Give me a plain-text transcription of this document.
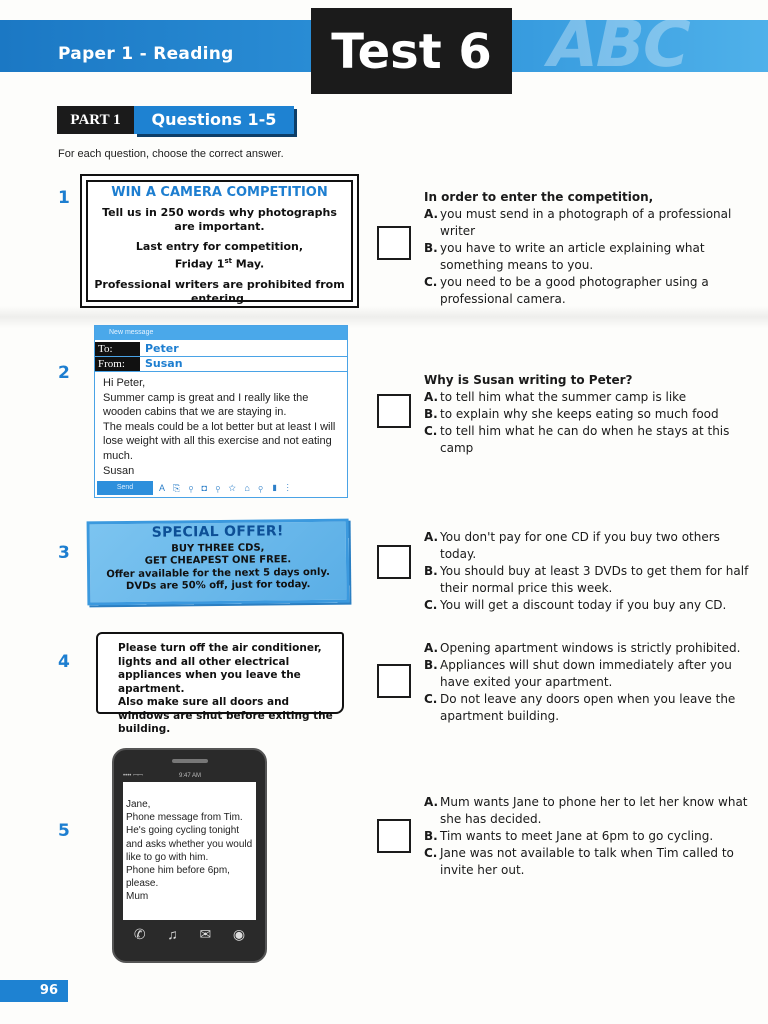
ABC
Paper 1 - Reading	Test 6
PART 1	Questions 1-5
For each question, choose the correct answer.
1	WIN A CAMERA COMPETITION
Tell us in 250 words why photographs are important.
Last entry for competition,
Friday 1st May.
Professional writers are prohibited from entering.
In order to enter the competition,
A. you must send in a photograph of a professional writer
B. you have to write an article explaining what something means to you.
C. you need to be a good photographer using a professional camera.
2
New message
To:	Peter
From:	Susan
Hi Peter,
Summer camp is great and I really like the wooden cabins that we are staying in.
The meals could be a lot better but at least I will lose weight with all this exercise and not eating much.
Susan
Send	A ⎘ ⚲ ◘ ⚲ ☆ ⌂ ⚲ ▮ ⋮
Why is Susan writing to Peter?
A. to tell him what the summer camp is like
B. to explain why she keeps eating so much food
C. to tell him what he can do when he stays at this camp
3
SPECIAL OFFER!
BUY THREE CDS,
GET CHEAPEST ONE FREE.
Offer available for the next 5 days only.
DVDs are 50% off, just for today.
A. You don't pay for one CD if you buy two others today.
B. You should buy at least 3 DVDs to get them for half their normal price this week.
C. You will get a discount today if you buy any CD.
4
Please turn off the air conditioner, lights and all other electrical appliances when you leave the apartment.
Also make sure all doors and windows are shut before exiting the building.
A. Opening apartment windows is strictly prohibited.
B. Appliances will shut down immediately after you have exited your apartment.
C. Do not leave any doors open when you leave the apartment building.
5
•••• ꟷꟷ	9:47 AM
Jane,
Phone message from Tim.
He's going cycling tonight and asks whether you would like to go with him.
Phone him before 6pm, please.
Mum
✆ ♫ ✉ ◉
A. Mum wants Jane to phone her to let her know what she has decided.
B. Tim wants to meet Jane at 6pm to go cycling.
C. Jane was not available to talk when Tim called to invite her out.
96
